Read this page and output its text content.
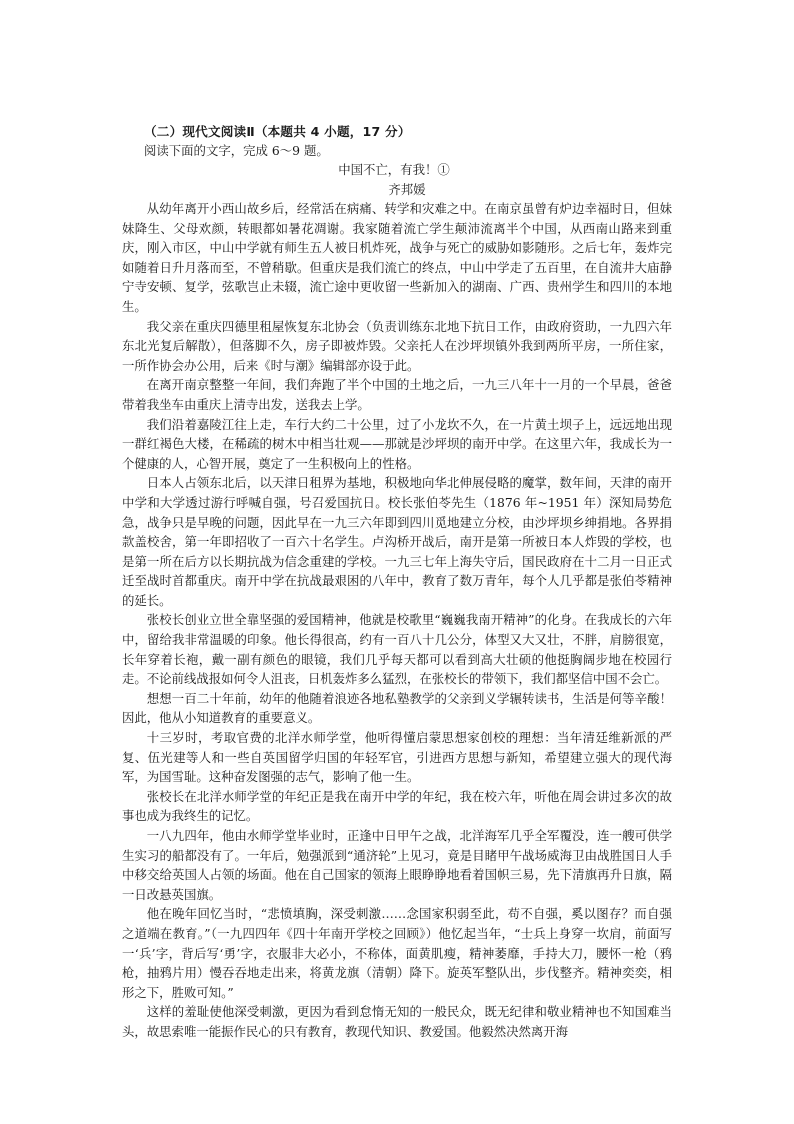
（二）现代文阅读Ⅱ（本题共 4 小题，17 分）

阅读下面的文字，完成 6～9 题。

中国不亡，有我！①

齐邦媛

从幼年离开小西山故乡后，经常活在病痛、转学和灾难之中。在南京虽曾有炉边幸福时日，但妹妹降生、父母欢颜，转眼都如暑花凋谢。我家随着流亡学生颠沛流离半个中国，从西南山路来到重庆，刚入市区，中山中学就有师生五人被日机炸死，战争与死亡的威胁如影随形。之后七年，轰炸完如随着日升月落而至，不曾稍歇。但重庆是我们流亡的终点，中山中学走了五百里，在自流井大庙静宁寺安顿、复学，弦歌岂止未辍，流亡途中更收留一些新加入的湖南、广西、贵州学生和四川的本地生。

我父亲在重庆四德里租屋恢复东北协会（负责训练东北地下抗日工作，由政府资助，一九四六年东北光复后解散），但落脚不久，房子即被炸毁。父亲托人在沙坪坝镇外我到两所平房，一所住家，一所作协会办公用，后来《时与潮》编辑部亦设于此。

在离开南京整整一年间，我们奔跑了半个中国的土地之后，一九三八年十一月的一个早晨，爸爸带着我坐车由重庆上清寺出发，送我去上学。

我们沿着嘉陵江往上走，车行大约二十公里，过了小龙坎不久，在一片黄土坝子上，远远地出现一群红褐色大楼，在稀疏的树木中相当壮观——那就是沙坪坝的南开中学。在这里六年，我成长为一个健康的人，心智开展，奠定了一生积极向上的性格。

日本人占领东北后，以天津日租界为基地，积极地向华北伸展侵略的魔掌，数年间，天津的南开中学和大学透过游行呼喊自强，号召爱国抗日。校长张伯苓先生（1876 年~1951 年）深知局势危急，战争只是早晚的问题，因此早在一九三六年即到四川觅地建立分校，由沙坪坝乡绅捐地。各界捐款盖校舍，第一年即招收了一百六十名学生。卢沟桥开战后，南开是第一所被日本人炸毁的学校，也是第一所在后方以长期抗战为信念重建的学校。一九三七年上海失守后，国民政府在十二月一日正式迁至战时首都重庆。南开中学在抗战最艰困的八年中，教育了数万青年，每个人几乎都是张伯苓精神的延长。

张校长创业立世全靠坚强的爱国精神，他就是校歌里“巍巍我南开精神”的化身。在我成长的六年中，留给我非常温暖的印象。他长得很高，约有一百八十几公分，体型又大又壮，不胖，肩膀很宽，长年穿着长袍，戴一副有颜色的眼镜，我们几乎每天都可以看到高大壮硕的他挺胸阔步地在校园行走。不论前线战报如何令人沮丧，日机轰炸多么猛烈，在张校长的带领下，我们都坚信中国不会亡。

想想一百二十年前，幼年的他随着浪迹各地私塾教学的父亲到义学辗转读书，生活是何等辛酸！因此，他从小知道教育的重要意义。

十三岁时，考取官费的北洋水师学堂，他听得懂启蒙思想家创校的理想：当年清廷维新派的严复、伍光建等人和一些自英国留学归国的年轻军官，引进西方思想与新知，希望建立强大的现代海军，为国雪耻。这种奋发图强的志气，影响了他一生。

张校长在北洋水师学堂的年纪正是我在南开中学的年纪，我在校六年，听他在周会讲过多次的故事也成为我终生的记忆。

一八九四年，他由水师学堂毕业时，正逢中日甲午之战，北洋海军几乎全军覆没，连一艘可供学生实习的船都没有了。一年后，勉强派到“通济轮”上见习，竟是目睹甲午战场威海卫由战胜国日人手中移交给英国人占领的场面。他在自己国家的领海上眼睁睁地看着国帜三易，先下清旗再升日旗，隔一日改悬英国旗。

他在晚年回忆当时，“悲愤填胸，深受刺激……念国家积弱至此，苟不自强，奚以图存？而自强之道端在教育。”（一九四四年《四十年南开学校之回顾》）他忆起当年，“士兵上身穿一坎肩，前面写一‘兵’字，背后写‘勇’字，衣服非大必小，不称体，面黄肌瘦，精神萎靡，手持大刀，腰怀一枪（鸦枪，抽鸦片用）慢吞吞地走出来，将黄龙旗（清朝）降下。旋英军整队出，步伐整齐。精神奕奕，相形之下，胜败可知。”

这样的羞耻使他深受刺激，更因为看到怠惰无知的一般民众，既无纪律和敬业精神也不知国难当头，故思索唯一能振作民心的只有教育，教现代知识、教爱国。他毅然决然离开海
